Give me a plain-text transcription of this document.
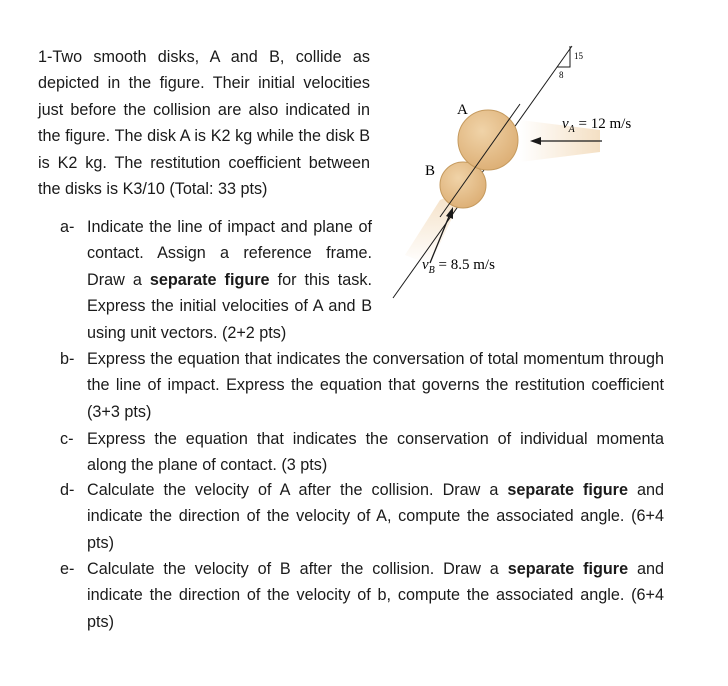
1-Two smooth disks, A and B, collide as depicted in the figure. Their initial velocities just before the collision are also indicated in the figure. The disk A is K2 kg while the disk B is K2 kg. The restitution coefficient between the disks is K3/10 (Total: 33 pts)

15
8
A
B
$v_A = 12$ m/s
$v_B = 8.5$ m/s
a- Indicate the line of impact and plane of contact. Assign a reference frame. Draw a separate figure for this task. Express the initial velocities of A and B using unit vectors. (2+2 pts)
b- Express the equation that indicates the conversation of total momentum through the line of impact. Express the equation that governs the restitution coefficient (3+3 pts)
c- Express the equation that indicates the conservation of individual momenta along the plane of contact. (3 pts)
d- Calculate the velocity of A after the collision. Draw a separate figure and indicate the direction of the velocity of A, compute the associated angle. (6+4 pts)
e- Calculate the velocity of B after the collision. Draw a separate figure and indicate the direction of the velocity of b, compute the associated angle. (6+4 pts)
